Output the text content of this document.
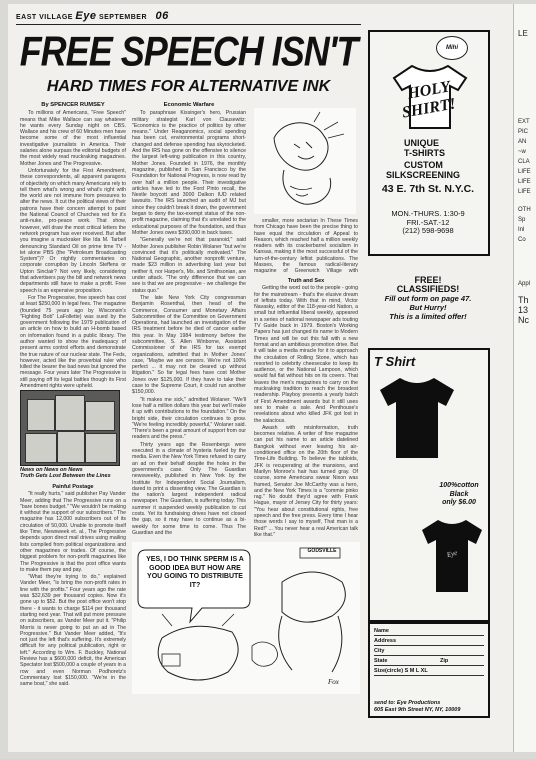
EAST VILLAGE Eye SEPTEMBER 06
FREE SPEECH ISN'T
HARD TIMES FOR ALTERNATIVE INK

By SPENCER RUMSEY

To millions of Americans, "Free Speech" means that Mike Wallace can say whatever he wants every Sunday night on CBS. Wallace and his crew of 60 Minutes men have become some of the most influential investigative journalists in America. Their salaries alone surpass the editorial budgets of the most widely read muckraking magazines. Mother Jones and The Progressive.

Unfortunately for the First Amendment, these correspondents, all apparent paragons of objectivity on which many Americans rely to tell them what's wrong and what's right with the world are not immune from pressures to alter the news. It cut the political views of their patrons have their concern attempt to paint the National Council of Churches red for it's anti-nuke, pro-peace work. That show, however, will draw the most critical letters the network program has ever received. But after you imagine a muckraker like Ida M. Tarbell denouncing Standard Oil on prime time TV - let alone PBS (the "Petroleum Broadcasting System")? Or nightly commentaries on corporate corruption by Lincoln Steffens or Upton Sinclair? Not very likely, considering that advertisers pay the bill and network news departments still have to make a profit. Free speech is an expensive proposition.

For The Progressive, free speech has cost at least $250,000 in legal fees. The magazine (founded 75 years ago by Wisconsin's "Fighting Bob" LaFollette) was sued by the government following the 1979 publication of an article on how to build an H-bomb based on information found in a public library. The author wanted to show the inadequacy of present arms control efforts and demonstrate the true nature of our nuclear state. The Feds, however, acted like the proverbial ruler who killed the bearer the bad news but ignored the message. Four years later The Progressive is still paying off its legal battles though its First Amendment rights were upheld.

News on News on News
Truth Gets Lost Between the Lines

Painful Postage

"It really hurts," said publisher Pay Vander Meer, adding that The Progressive runs on a "bare bones budget." "We wouldn't be making it without the support of our subscribers." The magazine has 12,000 subscribers out of its circulation of 50,000. Unable to promote itself like Time, Newsweek et. al., The Progressive depends upon direct mail drives using mailing lists compiled from political organizations and other magazines or trades. Of course, the biggest problem for non-profit magazines like The Progressive is that the post office wants to make them pay and pay.

"What they're trying to do," explained Vander Meer, "is bring the non-profit rates in line with the profits." Four years ago the rate was $32,639 per thousand copies. Now it's gone up to $52. But the post office won't stop there - it wants to charge $114 per thousand starting next year. That will put more pressure on subscribers, as Vander Meer put it. "Philip Morris is never going to put an ad in The Progressive." But Vander Meer added, "It's not just the left that's suffering. It's extremely difficult for any political publication, right or left." According to Wm. F. Buckley, National Review has a $600,000 deficit, the American Spectator lost $500,000 a couple of years in a row and even Norman Podhoretz's Commentary lost $150,000. "We're in the same boat," she said.

Economic Warfare

To paraphrase Kissinger's hero, Prussian military strategist Karl von Clausewitz: "Economics is the practice of politics by other means." Under Reaganomics, social spending has been cut, environmental programs short-changed and defense spending has skyrocketed. And the IRS has gone on the offensive to silence the largest left-wing publication in this country, Mother Jones. Founded in 1976, the monthly magazine, published in San Francisco by the Foundation for National Progress, is now read by over half a million people. Their investigative articles have led to the Ford Pinto recall, the Nestle boycott and 3000 Dalkon IUD related lawsuits. The IRS launched an audit of MJ but since they couldn't break it down, the government began to deny the tax-exempt status of the non-profit magazine, claiming that it's unrelated to the educational purposes of the foundation, and thus Mother Jones owes $390,000 in back taxes.

"Generally we're not that paranoid," said Mother Jones publisher Robin Wolaner "but we're convinced that it's politically motivated." The National Geographic, another nonprofit venture, made $23 million in advertising last year but neither it, nor Harper's, Ms. and Smithsonian, are under attack. "The only difference that we can see is that we are progressive - we challenge the status quo."

The late New York City congressman Benjamin Rosenthal, then head of the Commerce, Consumer and Monetary Affairs Subcommittee of the Committee on Government Operations, had launched an investigation of the IRS treatment before he died of cancer earlier this year. In May 1984 testimony before the subcommittee, S. Allen Winborne, Assistant Commissioner of the IRS for tax exempt organizations, admitted that in Mother Jones' case, "Maybe we are censors. We're not 100% perfect ... it may not be cleared up without litigation." So far legal fees have cost Mother Jones over $125,000. If they have to take their case to the Supreme Court, it could run another $150,000.

"It makes me sick," admitted Wolaner. "We'll lose half a million dollars this year but we'll make it up with contributions to the foundation." On the bright side, their circulation continues to grow. "We're feeling incredibly powerful," Wolaner said. "There's been a great amount of support from our readers and the press."

Thirty years ago the Rosenbergs were executed in a climate of hysteria fueled by the media. Even the New York Times refused to carry an ad on their behalf despite the holes in the government's case. Only The Guardian newsweekly, published in New York by the Institute for Independent Social Journalism, dared to print a dissenting view. The Guardian is the nation's largest independent radical newspaper. The Guardian, is suffering today. This summer it suspended weekly publication to cut costs. Yet its fundraising drives have not closed the gap, so it may have to continue as a bi-weekly for some time to come. Thus The Guardian and the

smaller, more sectarian In These Times from Chicago have been the precise thing to have equal the circulation of Appeal to Reason, which reached half a million weekly readers with its crackerbarrel socialism in Kansas, making it the most successful of the turn-of-the-century leftist publications. The Masses, the famous radical-literary magazine of Greenwich Village with

Truth and Sex

Getting the word out to the people - going for the mainstream - that's the elusive dream of leftists today. With that in mind, Victor Navasky, editor of the 118-year-old Nation, a small but influential liberal weekly, appeared in a series of national newspaper ads touting TV Guide back in 1979. Boston's Working Papers has just changed its name to Modern Times and will be out this fall with a new format and an ambitious promotion drive. But it will take a media miracle for it to approach the circulation of Rolling Stone, which has resorted to celebrity cheesecake to keep its audience, or the National Lampoon, which would fail flat without hits on its covers. That leaves the men's magazines to carry on the muckraking tradition to reach the broadest readership. Playboy presents a yearly batch of First Amendment awards but it still uses sex to make a sale. And Penthouse's revelations about who killed JFK got lost in the salacious.

Awash with misinformation, truth becomes relative. A writer of fine magazine can put his name to an article datelined Bangkok without ever leaving his air-conditioned office on the 20th floor of the Time-Life Building. To believe the tabloids, JFK is recuperating at the mansions, and Marilyn Monroe's hair has turned gray. Of course, some Americans swear Nixon was framed, Senator Joe McCarthy was a hero, and the New York Times is a "commie pinko rag." No doubt they'd agree with Frank Hague, mayor of Jersey City for thirty years: "You hear about constitutional rights, free speech and the free press. Every time I hear those words I say to myself, That man is a Red!" ... You never hear a real American talk like that."

GODSVILLE
YES, I DO THINK SPERM IS A GOOD IDEA BUT HOW ARE YOU GOING TO DISTRIBUTE IT?
Fox
Mihi
HOLY
SHIRT!
UNIQUE
T-SHIRTS
CUSTOM
SILKSCREENING
43 E. 7th St. N.Y.C.
MON.-THURS. 1:30-9
FRI.-SAT.-12
(212) 598-9698
FREE!
CLASSIFIEDS!
Fill out form on page 47.
But Hurry!
This is a limited offer!
T Shirt
Eye
100%cotton
Black
only $6.00
Name
Address
City
State	Zip
Size(circle) S M L XL
send to: Eye Productions
605 East 9th Street NY, NY, 10009
LE
EXT
PIC
AN
~w
CLA
LIFE
LIFE
LIFE
OTH
Sp
Inl
Co
Appl
Th
13
Nc
